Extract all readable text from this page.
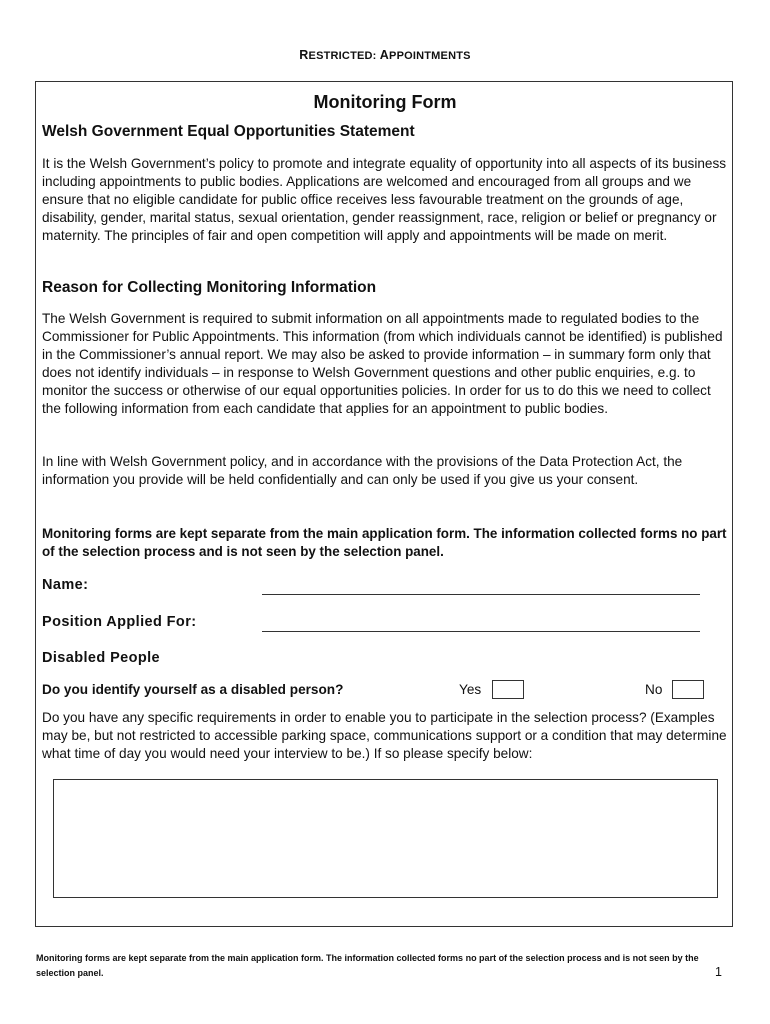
RESTRICTED: APPOINTMENTS
Monitoring Form
Welsh Government Equal Opportunities Statement
It is the Welsh Government’s policy to promote and integrate equality of opportunity into all aspects of its business including appointments to public bodies. Applications are welcomed and encouraged from all groups and we ensure that no eligible candidate for public office receives less favourable treatment on the grounds of age, disability, gender, marital status, sexual orientation, gender reassignment, race, religion or belief or pregnancy or maternity. The principles of fair and open competition will apply and appointments will be made on merit.
Reason for Collecting Monitoring Information
The Welsh Government is required to submit information on all appointments made to regulated bodies to the Commissioner for Public Appointments. This information (from which individuals cannot be identified) is published in the Commissioner’s annual report. We may also be asked to provide information – in summary form only that does not identify individuals – in response to Welsh Government questions and other public enquiries, e.g. to monitor the success or otherwise of our equal opportunities policies. In order for us to do this we need to collect the following information from each candidate that applies for an appointment to public bodies.
In line with Welsh Government policy, and in accordance with the provisions of the Data Protection Act, the information you provide will be held confidentially and can only be used if you give us your consent.
Monitoring forms are kept separate from the main application form. The information collected forms no part of the selection process and is not seen by the selection panel.
Name:
Position Applied For:
Disabled People
Do you identify yourself as a disabled person?	Yes	No
Do you have any specific requirements in order to enable you to participate in the selection process? (Examples may be, but not restricted to accessible parking space, communications support or a condition that may determine what time of day you would need your interview to be.) If so please specify below:
Monitoring forms are kept separate from the main application form. The information collected forms no part of the selection process and is not seen by the selection panel.	1
